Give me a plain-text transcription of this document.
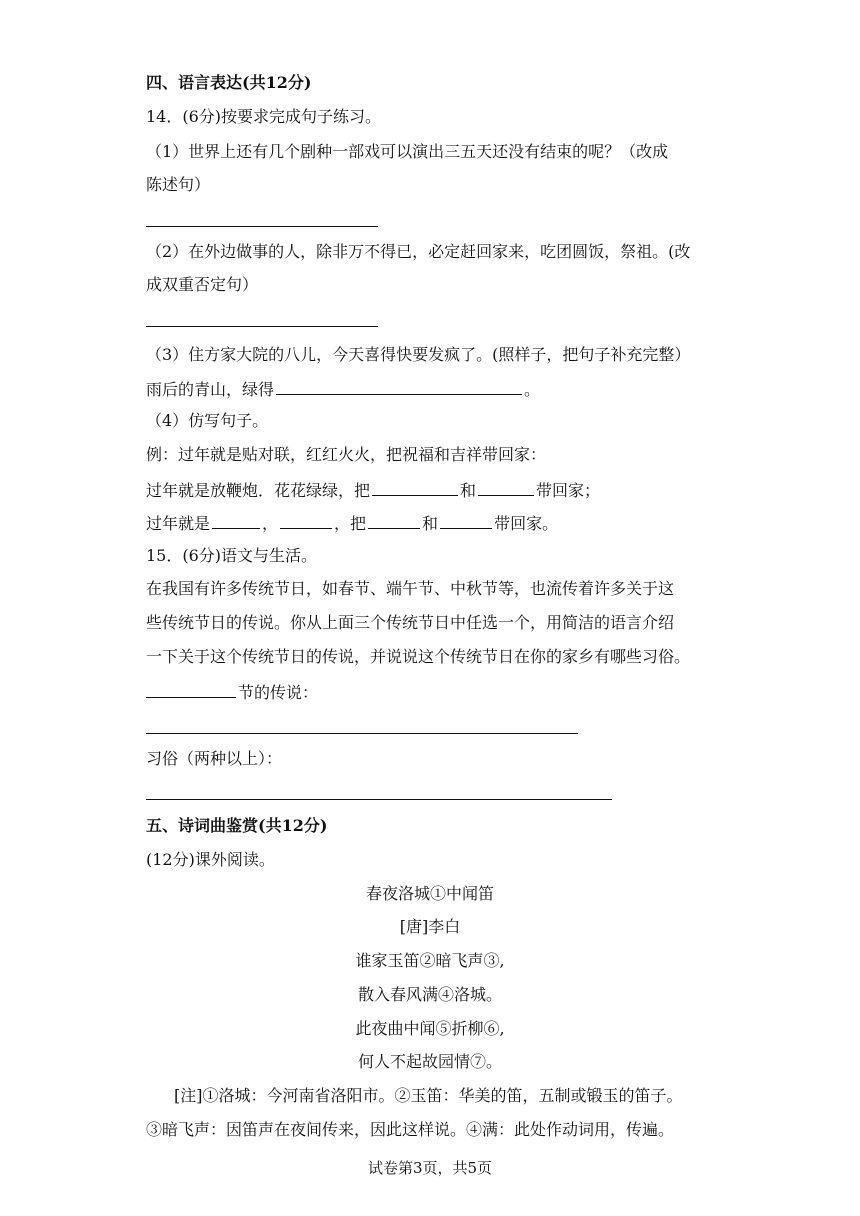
四、语言表达(共12分)
14．(6分)按要求完成句子练习。
（1）世界上还有几个剧种一部戏可以演出三五天还没有结束的呢？（改成
陈述句）
（2）在外边做事的人，除非万不得已，必定赶回家来，吃团圆饭，祭祖。(改
成双重否定句）
（3）住方家大院的八儿，今天喜得快要发疯了。(照样子，把句子补充完整）
雨后的青山，绿得	。
（4）仿写句子。
例：过年就是贴对联，红红火火，把祝福和吉祥带回家：
过年就是放鞭炮．花花绿绿，把	和	带回家；
过年就是	，	，把	和	带回家。
15．(6分)语文与生活。
在我国有许多传统节日，如春节、端午节、中秋节等，也流传着许多关于这
些传统节日的传说。你从上面三个传统节日中任选一个，用简洁的语言介绍
一下关于这个传统节日的传说，并说说这个传统节日在你的家乡有哪些习俗。
节的传说：
习俗（两种以上）：
五、诗词曲鉴赏(共12分)
(12分)课外阅读。
春夜洛城①中闻笛
[唐]李白
谁家玉笛②暗飞声③,
散入春风满④洛城。
此夜曲中闻⑤折柳⑥,
何人不起故园情⑦。
[注]①洛城：今河南省洛阳市。②玉笛：华美的笛，五制或锻玉的笛子。
③暗飞声：因笛声在夜间传来，因此这样说。④满：此处作动词用，传遍。
试卷第3页，共5页
